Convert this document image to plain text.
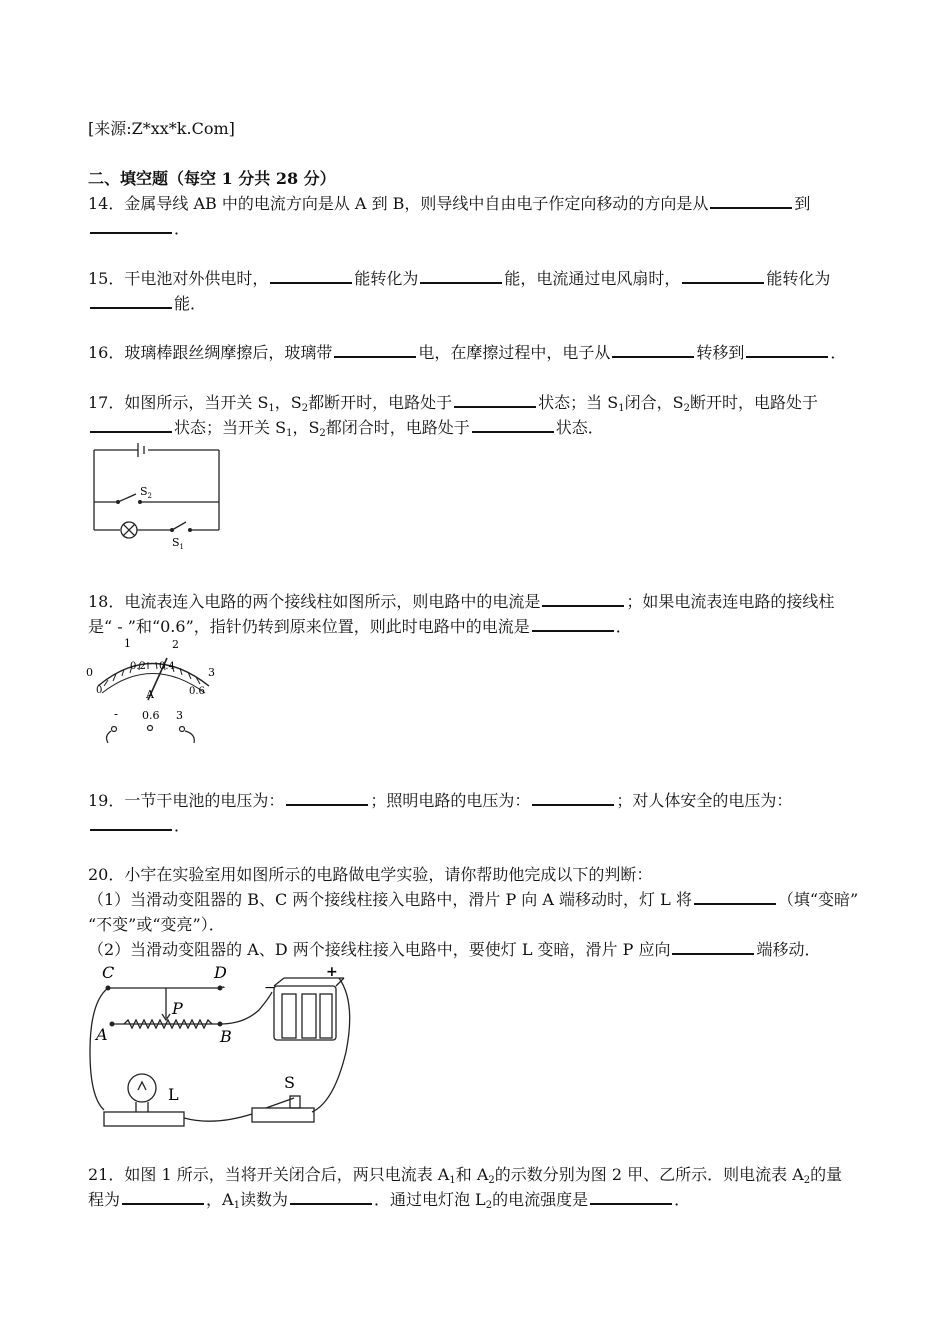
[来源:Z*xx*k.Com]
二、填空题（每空 1 分共 28 分）
14．金属导线 AB 中的电流方向是从 A 到 B，则导线中自由电子作定向移动的方向是从	到
．
15．干电池对外供电时，	能转化为	能，电流通过电风扇时，	能转化为
能．
16．玻璃棒跟丝绸摩擦后，玻璃带	电，在摩擦过程中，电子从	转移到	．
17．如图所示，当开关 $S_1$，$S_2$都断开时，电路处于	状态；当 $S_1$闭合，$S_2$断开时，电路处于
状态；当开关 $S_1$，$S_2$都闭合时，电路处于	状态．
$S_2$
$S_1$
18．电流表连入电路的两个接线柱如图所示，则电路中的电流是	；如果电流表连电路的接线柱
是“ - ”和“0.6”，指针仍转到原来位置，则此时电路中的电流是	．
1	2
0	3
0
0.2 0.4
0.6
A
- 0.6 3
19．一节干电池的电压为：	；照明电路的电压为：	；对人体安全的电压为：
．
20．小宇在实验室用如图所示的电路做电学实验，请你帮助他完成以下的判断：
（1）当滑动变阻器的 B、C 两个接线柱接入电路中，滑片 P 向 A 端移动时，灯 L 将	（填“变暗”
“不变”或“变亮”）．
（2）当滑动变阻器的 A、D 两个接线柱接入电路中，要使灯 L 变暗，滑片 P 应向	端移动．
C	D
A	B
P
L
S
−
+
21．如图 1 所示，当将开关闭合后，两只电流表 $A_1$和 $A_2$的示数分别为图 2 甲、乙所示．则电流表 $A_2$的量
程为	，$A_1$读数为	．通过电灯泡 $L_2$的电流强度是	．
